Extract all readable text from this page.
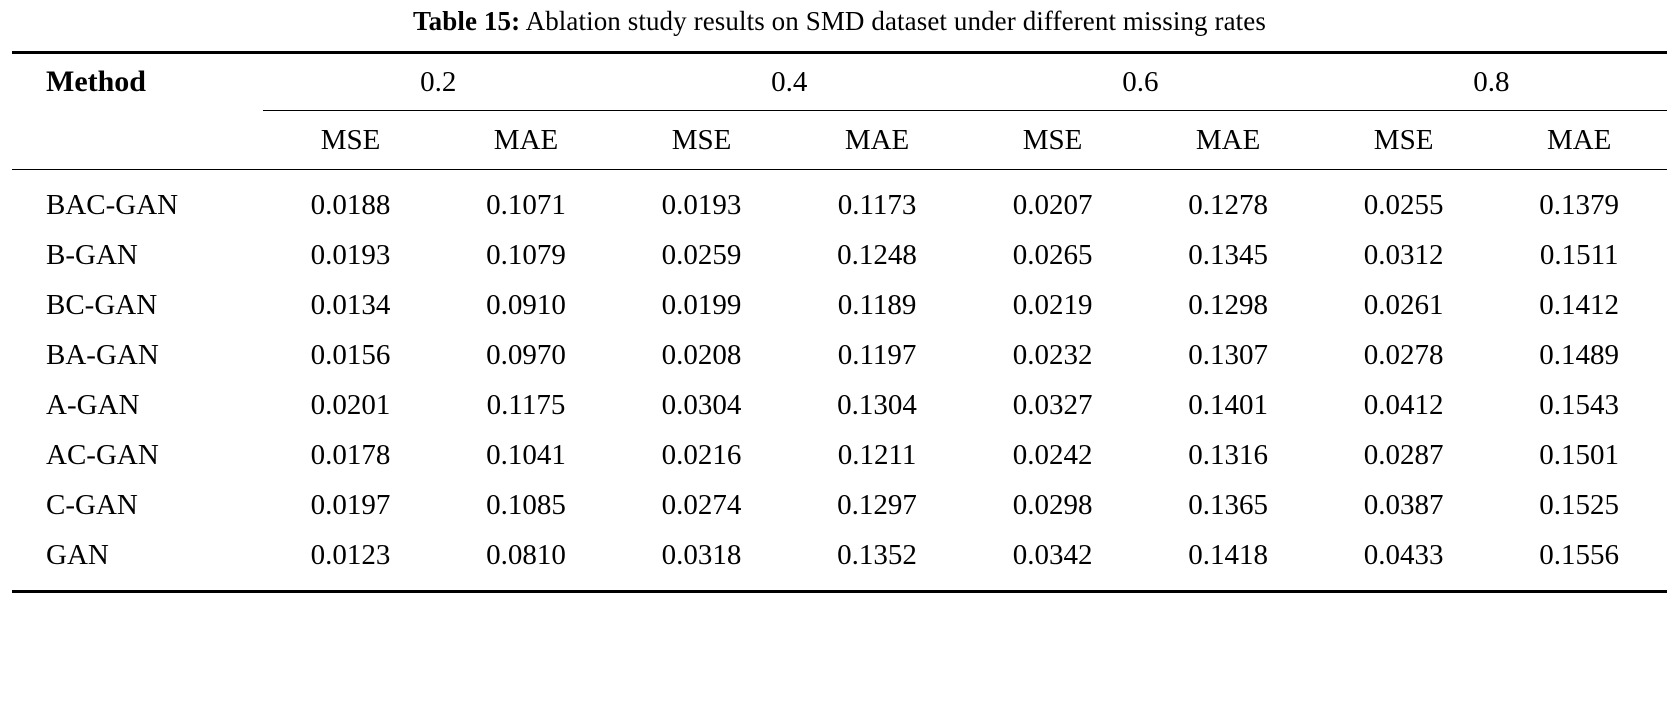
Table 15: Ablation study results on SMD dataset under different missing rates

Method	0.2		0.4		0.6		0.8	
	MSE	MAE	MSE	MAE	MSE	MAE	MSE	MAE

BAC-GAN	0.0188	0.1071	0.0193	0.1173	0.0207	0.1278	0.0255	0.1379
B-GAN	0.0193	0.1079	0.0259	0.1248	0.0265	0.1345	0.0312	0.1511
BC-GAN	0.0134	0.0910	0.0199	0.1189	0.0219	0.1298	0.0261	0.1412
BA-GAN	0.0156	0.0970	0.0208	0.1197	0.0232	0.1307	0.0278	0.1489
A-GAN	0.0201	0.1175	0.0304	0.1304	0.0327	0.1401	0.0412	0.1543
AC-GAN	0.0178	0.1041	0.0216	0.1211	0.0242	0.1316	0.0287	0.1501
C-GAN	0.0197	0.1085	0.0274	0.1297	0.0298	0.1365	0.0387	0.1525
GAN	0.0123	0.0810	0.0318	0.1352	0.0342	0.1418	0.0433	0.1556
